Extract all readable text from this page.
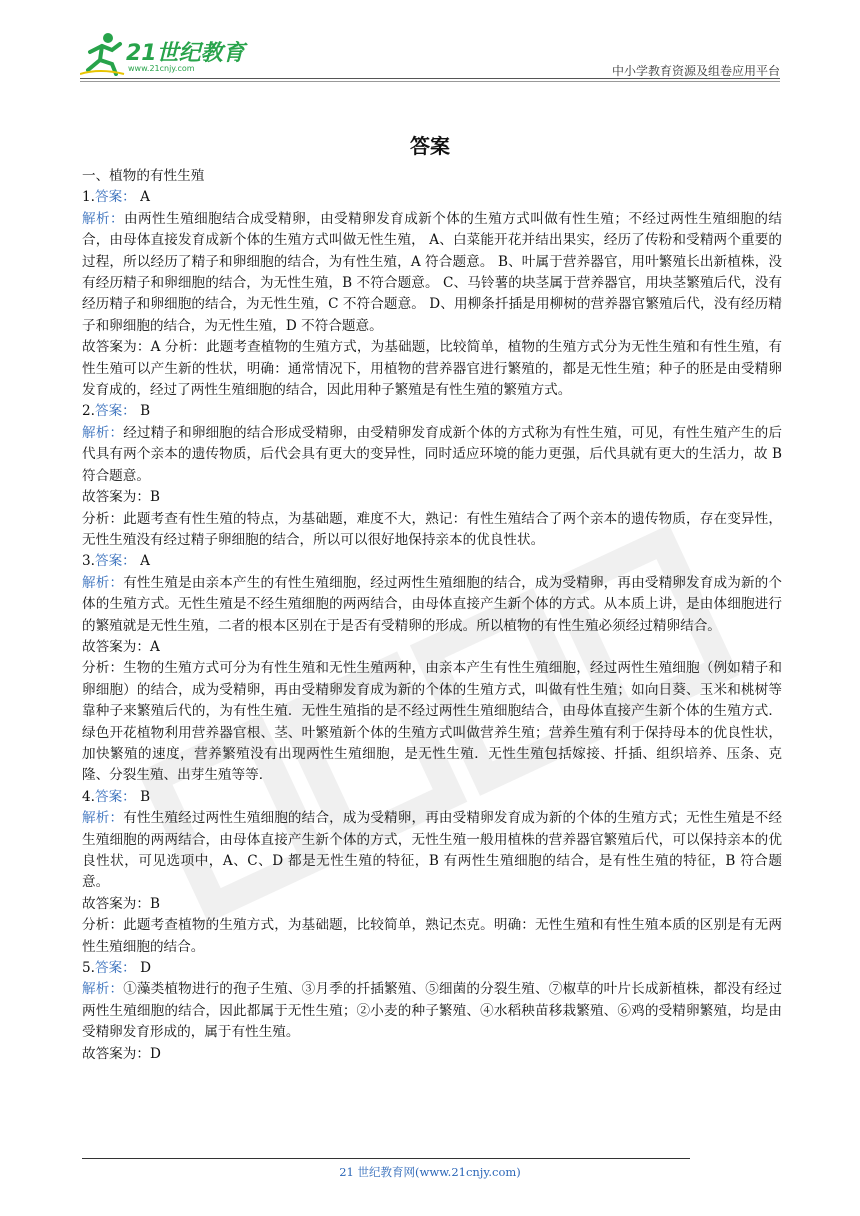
21世纪教育
www.21cnjy.com	中小学教育资源及组卷应用平台
答案

一、植物的有性生殖

1.答案： A

解析：由两性生殖细胞结合成受精卵，由受精卵发育成新个体的生殖方式叫做有性生殖；不经过两性生殖细胞的结合，由母体直接发育成新个体的生殖方式叫做无性生殖， A、白菜能开花并结出果实，经历了传粉和受精两个重要的过程，所以经历了精子和卵细胞的结合，为有性生殖，A 符合题意。 B、叶属于营养器官，用叶繁殖长出新植株，没有经历精子和卵细胞的结合，为无性生殖，B 不符合题意。 C、马铃薯的块茎属于营养器官，用块茎繁殖后代，没有经历精子和卵细胞的结合，为无性生殖，C 不符合题意。 D、用柳条扦插是用柳树的营养器官繁殖后代，没有经历精子和卵细胞的结合，为无性生殖，D 不符合题意。

故答案为：A 分析：此题考查植物的生殖方式，为基础题，比较简单，植物的生殖方式分为无性生殖和有性生殖，有性生殖可以产生新的性状，明确：通常情况下，用植物的营养器官进行繁殖的，都是无性生殖；种子的胚是由受精卵发育成的，经过了两性生殖细胞的结合，因此用种子繁殖是有性生殖的繁殖方式。

2.答案： B

解析：经过精子和卵细胞的结合形成受精卵，由受精卵发育成新个体的方式称为有性生殖，可见，有性生殖产生的后代具有两个亲本的遗传物质，后代会具有更大的变异性，同时适应环境的能力更强，后代具就有更大的生活力，故 B 符合题意。

故答案为：B

分析：此题考查有性生殖的特点，为基础题，难度不大，熟记：有性生殖结合了两个亲本的遗传物质，存在变异性，无性生殖没有经过精子卵细胞的结合，所以可以很好地保持亲本的优良性状。

3.答案： A

解析：有性生殖是由亲本产生的有性生殖细胞，经过两性生殖细胞的结合，成为受精卵，再由受精卵发育成为新的个体的生殖方式。无性生殖是不经生殖细胞的两两结合，由母体直接产生新个体的方式。从本质上讲，是由体细胞进行的繁殖就是无性生殖，二者的根本区别在于是否有受精卵的形成。所以植物的有性生殖必须经过精卵结合。

故答案为：A

分析：生物的生殖方式可分为有性生殖和无性生殖两种，由亲本产生有性生殖细胞，经过两性生殖细胞（例如精子和卵细胞）的结合，成为受精卵，再由受精卵发育成为新的个体的生殖方式，叫做有性生殖；如向日葵、玉米和桃树等靠种子来繁殖后代的，为有性生殖．无性生殖指的是不经过两性生殖细胞结合，由母体直接产生新个体的生殖方式．绿色开花植物利用营养器官根、茎、叶繁殖新个体的生殖方式叫做营养生殖；营养生殖有利于保持母本的优良性状，加快繁殖的速度，营养繁殖没有出现两性生殖细胞，是无性生殖．无性生殖包括嫁接、扦插、组织培养、压条、克隆、分裂生殖、出芽生殖等等．

4.答案： B

解析：有性生殖经过两性生殖细胞的结合，成为受精卵，再由受精卵发育成为新的个体的生殖方式；无性生殖是不经生殖细胞的两两结合，由母体直接产生新个体的方式，无性生殖一般用植株的营养器官繁殖后代，可以保持亲本的优良性状，可见选项中，A、C、D 都是无性生殖的特征，B 有两性生殖细胞的结合，是有性生殖的特征，B 符合题意。

故答案为：B

分析：此题考查植物的生殖方式，为基础题，比较简单，熟记杰克。明确：无性生殖和有性生殖本质的区别是有无两性生殖细胞的结合。

5.答案： D

解析：①藻类植物进行的孢子生殖、③月季的扦插繁殖、⑤细菌的分裂生殖、⑦椒草的叶片长成新植株，都没有经过两性生殖细胞的结合，因此都属于无性生殖；②小麦的种子繁殖、④水稻秧苗移栽繁殖、⑥鸡的受精卵繁殖，均是由受精卵发育形成的，属于有性生殖。

故答案为：D

21 世纪教育网(www.21cnjy.com)
